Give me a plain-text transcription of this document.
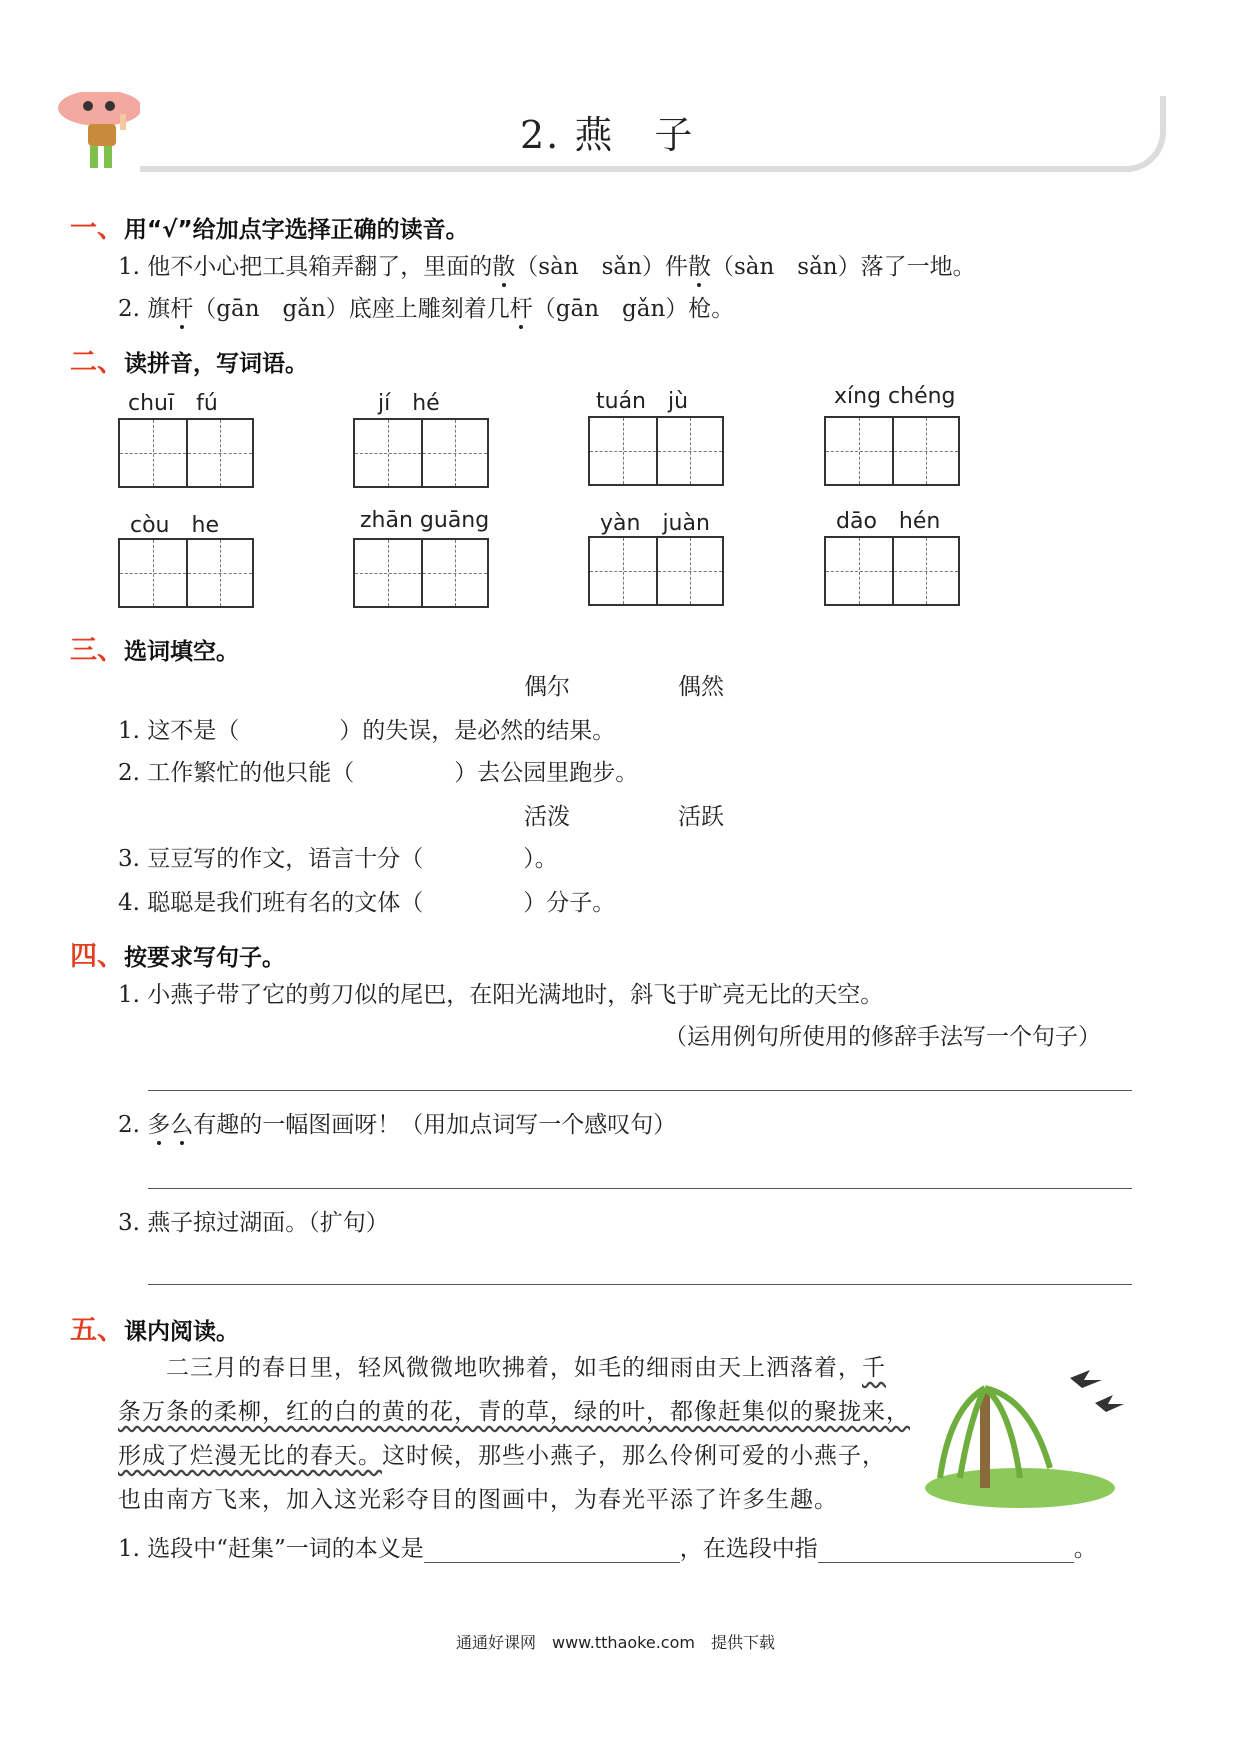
2. 燕　子
一、用“√”给加点字选择正确的读音。
1. 他不小心把工具箱弄翻了，里面的散（sàn　sǎn）件散（sàn　sǎn）落了一地。
2. 旗杆（gān　gǎn）底座上雕刻着几杆（gān　gǎn）枪。
二、读拼音，写词语。
chuī　fú	jí　hé	tuán　jù	xíng chéng
còu　he	zhān guāng	yàn　juàn	dāo　hén
三、选词填空。
偶尔	偶然
1. 这不是（	）的失误，是必然的结果。
2. 工作繁忙的他只能（	）去公园里跑步。
活泼	活跃
3. 豆豆写的作文，语言十分（	）。
4. 聪聪是我们班有名的文体（	）分子。
四、按要求写句子。
1. 小燕子带了它的剪刀似的尾巴，在阳光满地时，斜飞于旷亮无比的天空。
（运用例句所使用的修辞手法写一个句子）
2. 多么有趣的一幅图画呀！（用加点词写一个感叹句）
3. 燕子掠过湖面。（扩句）
五、课内阅读。
　　二三月的春日里，轻风微微地吹拂着，如毛的细雨由天上洒落着，千
条万条的柔柳，红的白的黄的花，青的草，绿的叶，都像赶集似的聚拢来，
形成了烂漫无比的春天。这时候，那些小燕子，那么伶俐可爱的小燕子，
也由南方飞来，加入这光彩夺目的图画中，为春光平添了许多生趣。
1. 选段中“赶集”一词的本义是	，在选段中指	。
通通好课网　www.tthaoke.com　提供下载
